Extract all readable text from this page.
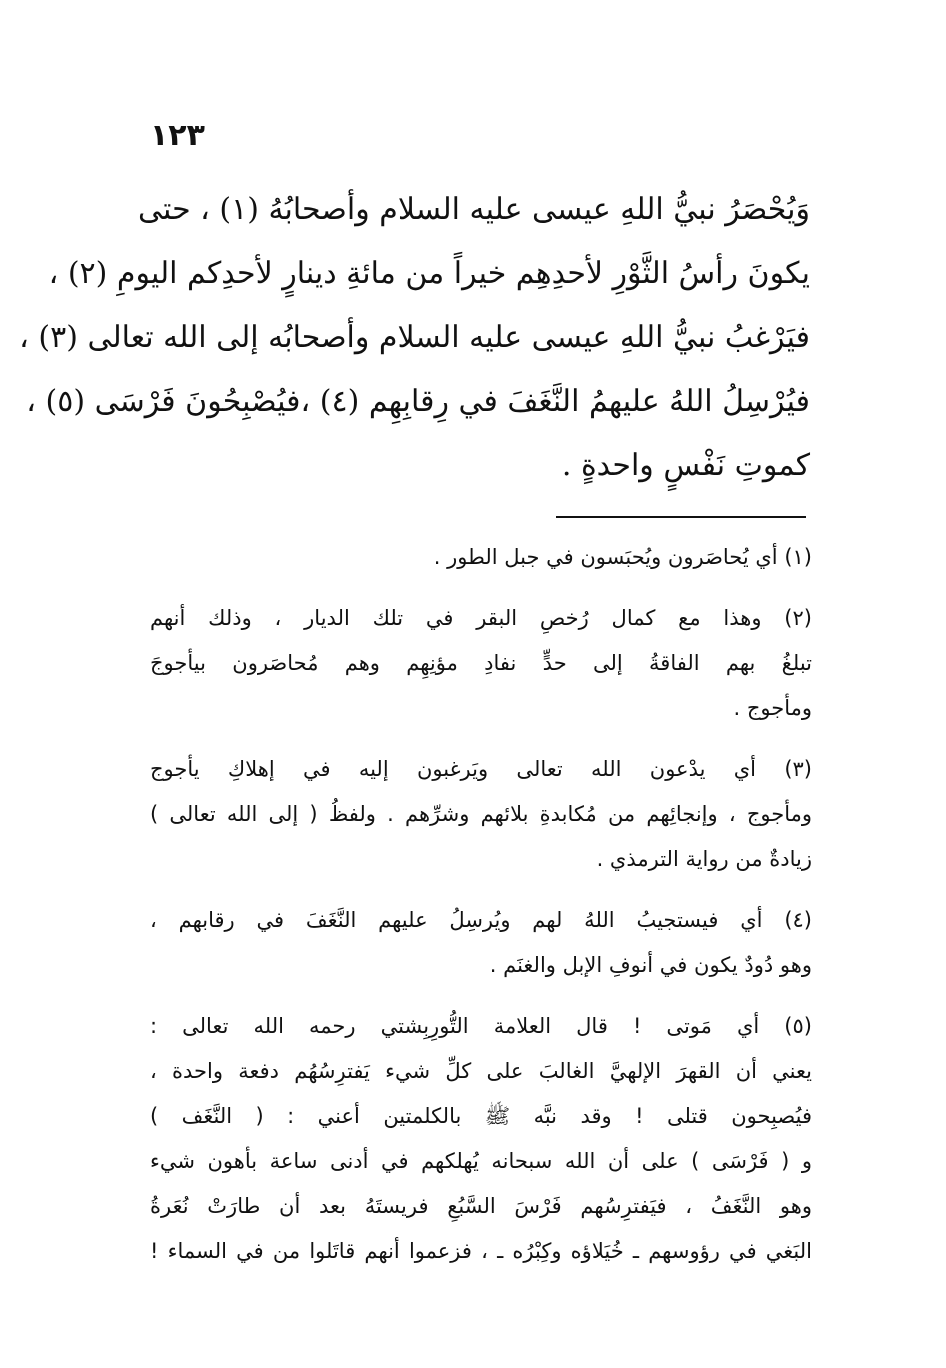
١٢٣
وَيُحْصَرُ نبيُّ اللهِ عيسى عليه السلام وأصحابُهُ (١) ، حتى
يكونَ رأسُ الثَّوْرِ لأحدِهِم خيراً من مائةِ دينارٍ لأحدِكم اليومِ (٢) ،
فيَرْغبُ نبيُّ اللهِ عيسى عليه السلام وأصحابُه إلى الله تعالى (٣) ،
فيُرْسِلُ اللهُ عليهمُ النَّغَفَ في رِقابِهِم (٤) ،فيُصْبِحُونَ فَرْسَى (٥) ،
كموتِ نَفْسٍ واحدةٍ .
(١) أي يُحاصَرون ويُحبَسون في جبل الطور .
(٢) وهذا مع كمال رُخصِ البقر في تلك الديار ، وذلك أنهم
تبلغُ بهم الفاقةُ إلى حدٍّ نفادِ مؤنِهِم وهم مُحاصَرون بيأجوجَ
ومأجوج .
(٣) أي يدْعون الله تعالى ويَرغبون إليه في إهلاكِ يأجوج
ومأجوج ، وإنجائِهم من مُكابدةِ بلائهم وشرِّهم . ولفظُ ( إلى الله تعالى )
زيادةٌ من رواية الترمذي .
(٤) أي فيستجيبُ اللهُ لهم ويُرسِلُ عليهم النَّغَفَ في رقابهم ،
وهو دُودٌ يكون في أنوفِ الإبل والغنَم .
(٥) أي مَوتى ! قال العلامة التُّورِبِشتي رحمه الله تعالى :
يعني أن القهرَ الإلهيَّ الغالبَ على كلِّ شيء يَفترِسُهُم دفعة واحدة ،
فيُصبِحون قتلى ! وقد نبَّه ﷺ بالكلمتين أعني : ( النَّغَف )
و ( فَرْسَى ) على أن الله سبحانه يُهلكهم في أدنى ساعة بأهون شيء
وهو النَّغَفُ ، فيَفترِسُهم فَرْسَ السَّبُعِ فريستَهُ بعد أن طارَتْ نُعَرةُ
البَغي في رؤوسهم ـ خُيَلاؤه وكِبْرُه ـ ، فزعموا أنهم قاتَلوا من في السماء !
